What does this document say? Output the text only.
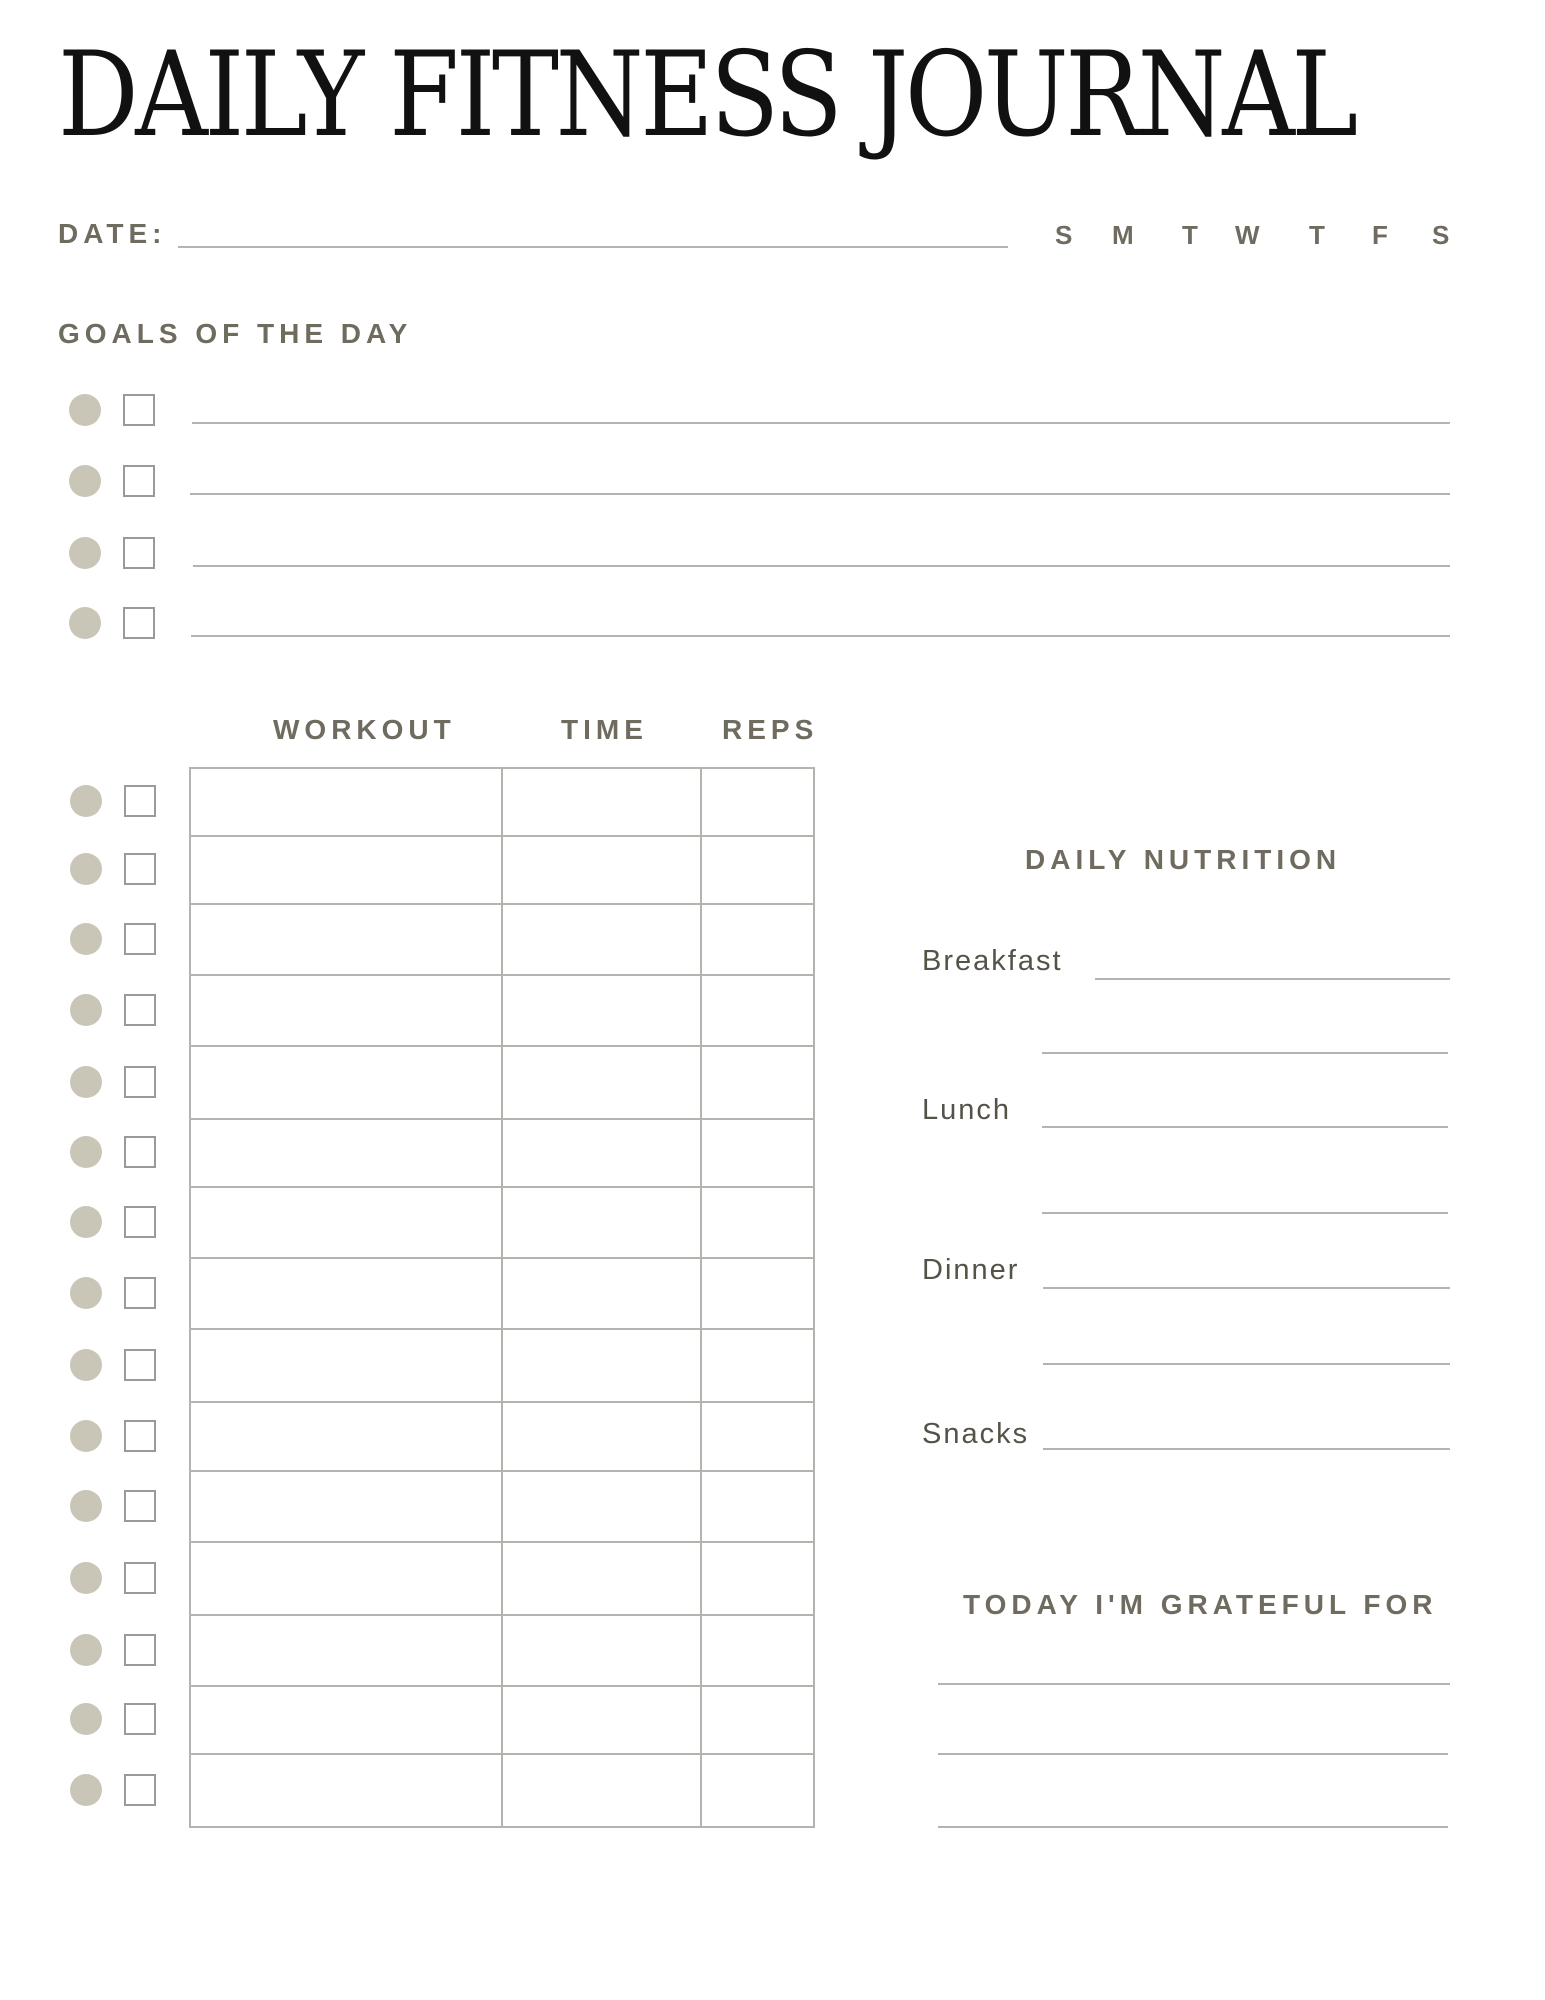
DAILY FITNESS JOURNAL
DATE:	S M T W T F S
GOALS OF THE DAY
WORKOUT	TIME	REPS

DAILY NUTRITION
Breakfast
Lunch
Dinner
Snacks
TODAY I'M GRATEFUL FOR
